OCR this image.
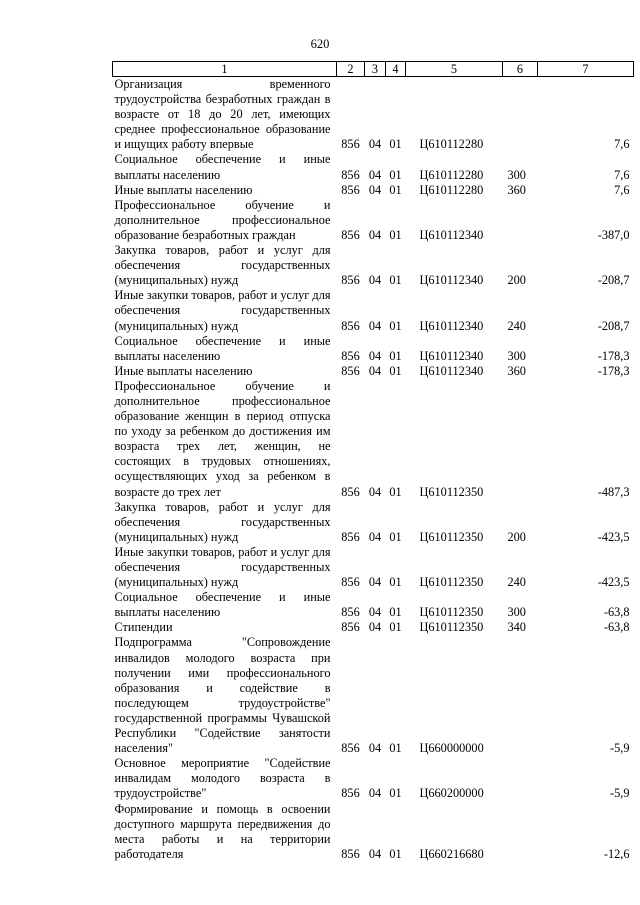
620
1	2	3	4	5	6	7
Организация временного трудоустройства безработных граждан в возрасте от 18 до 20 лет, имеющих среднее профессиональное образование и ищущих работу впервые	856	04	01	Ц610112280		7,6
Социальное обеспечение и иные выплаты населению	856	04	01	Ц610112280	300	7,6
Иные выплаты населению	856	04	01	Ц610112280	360	7,6
Профессиональное обучение и дополнительное профессиональное образование безработных граждан	856	04	01	Ц610112340		-387,0
Закупка товаров, работ и услуг для обеспечения государственных (муниципальных) нужд	856	04	01	Ц610112340	200	-208,7
Иные закупки товаров, работ и услуг для обеспечения государственных (муниципальных) нужд	856	04	01	Ц610112340	240	-208,7
Социальное обеспечение и иные выплаты населению	856	04	01	Ц610112340	300	-178,3
Иные выплаты населению	856	04	01	Ц610112340	360	-178,3
Профессиональное обучение и дополнительное профессиональное образование женщин в период отпуска по уходу за ребенком до достижения им возраста трех лет, женщин, не состоящих в трудовых отношениях, осуществляющих уход за ребенком в возрасте до трех лет	856	04	01	Ц610112350		-487,3
Закупка товаров, работ и услуг для обеспечения государственных (муниципальных) нужд	856	04	01	Ц610112350	200	-423,5
Иные закупки товаров, работ и услуг для обеспечения государственных (муниципальных) нужд	856	04	01	Ц610112350	240	-423,5
Социальное обеспечение и иные выплаты населению	856	04	01	Ц610112350	300	-63,8
Стипендии	856	04	01	Ц610112350	340	-63,8
Подпрограмма "Сопровождение инвалидов молодого возраста при получении ими профессионального образования и содействие в последующем трудоустройстве" государственной программы Чувашской Республики "Содействие занятости населения"	856	04	01	Ц660000000		-5,9
Основное мероприятие "Содействие инвалидам молодого возраста в трудоустройстве"	856	04	01	Ц660200000		-5,9
Формирование и помощь в освоении доступного маршрута передвижения до места работы и на территории работодателя	856	04	01	Ц660216680		-12,6
